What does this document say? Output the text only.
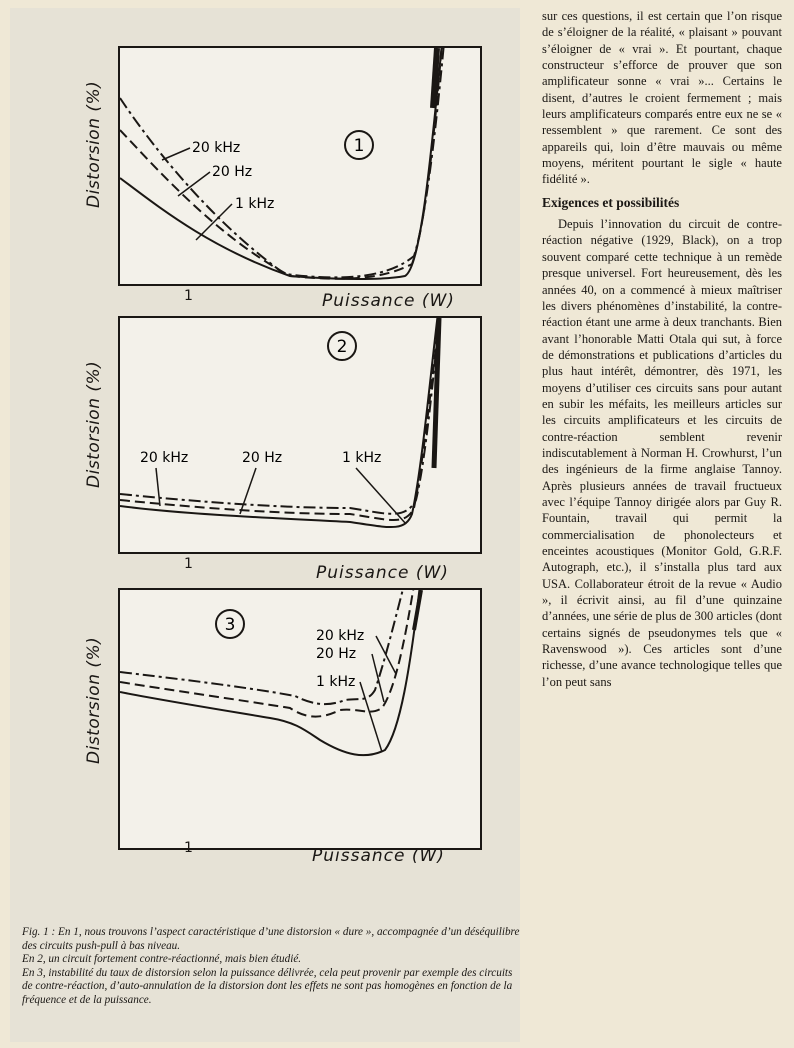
Distorsion (%)	1
20 kHz
20 Hz
1 kHz
1	Puissance (W)
Distorsion (%)
2
20 kHz	20 Hz	1 kHz
1	Puissance (W)
Distorsion (%)
3
20 kHz
20 Hz
1 kHz
1	Puissance (W)

Fig. 1 : En 1, nous trouvons l’aspect caractéristique d’une distorsion « dure », accompagnée d’un déséquilibre des circuits push-pull à bas niveau.

En 2, un circuit fortement contre-réactionné, mais bien étudié.

En 3, instabilité du taux de distorsion selon la puissance délivrée, cela peut provenir par exemple des circuits de contre-réaction, d’auto-annulation de la distorsion dont les effets ne sont pas homogènes en fonction de la fréquence et de la puissance.

sur ces questions, il est certain que l’on risque de s’éloigner de la réalité, « plaisant » pouvant s’éloigner de « vrai ». Et pourtant, chaque constructeur s’efforce de prouver que son amplificateur sonne « vrai »... Certains le disent, d’autres le croient fermement ; mais leurs amplificateurs comparés entre eux ne se « ressemblent » que rarement. Ce sont des appareils qui, loin d’être mauvais ou même moyens, méritent pourtant le sigle « haute fidélité ».

Exigences et possibilités

Depuis l’innovation du circuit de contre-réaction négative (1929, Black), on a trop souvent comparé cette technique à un remède presque universel. Fort heureusement, dès les années 40, on a commencé à mieux maîtriser les divers phénomènes d’instabilité, la contre-réaction étant une arme à deux tranchants. Bien avant l’honorable Matti Otala qui sut, à force de démonstrations et publications d’articles du plus haut intérêt, démontrer, dès 1971, les moyens d’utiliser ces circuits sans pour autant en subir les méfaits, les meilleurs articles sur les circuits amplificateurs et les circuits de contre-réaction semblent revenir indiscutablement à Norman H. Crowhurst, l’un des ingénieurs de la firme anglaise Tannoy. Après plusieurs années de travail fructueux avec l’équipe Tannoy dirigée alors par Guy R. Fountain, travail qui permit la commercialisation de phonolecteurs et enceintes acoustiques (Monitor Gold, G.R.F. Autograph, etc.), il s’installa plus tard aux USA. Collaborateur étroit de la revue « Audio », il écrivit ainsi, au fil d’une quinzaine d’années, une série de plus de 300 articles (dont certains signés de pseudonymes tels que « Ravenswood »). Ces articles sont d’une richesse, d’une avance technologique telles que l’on peut sans
